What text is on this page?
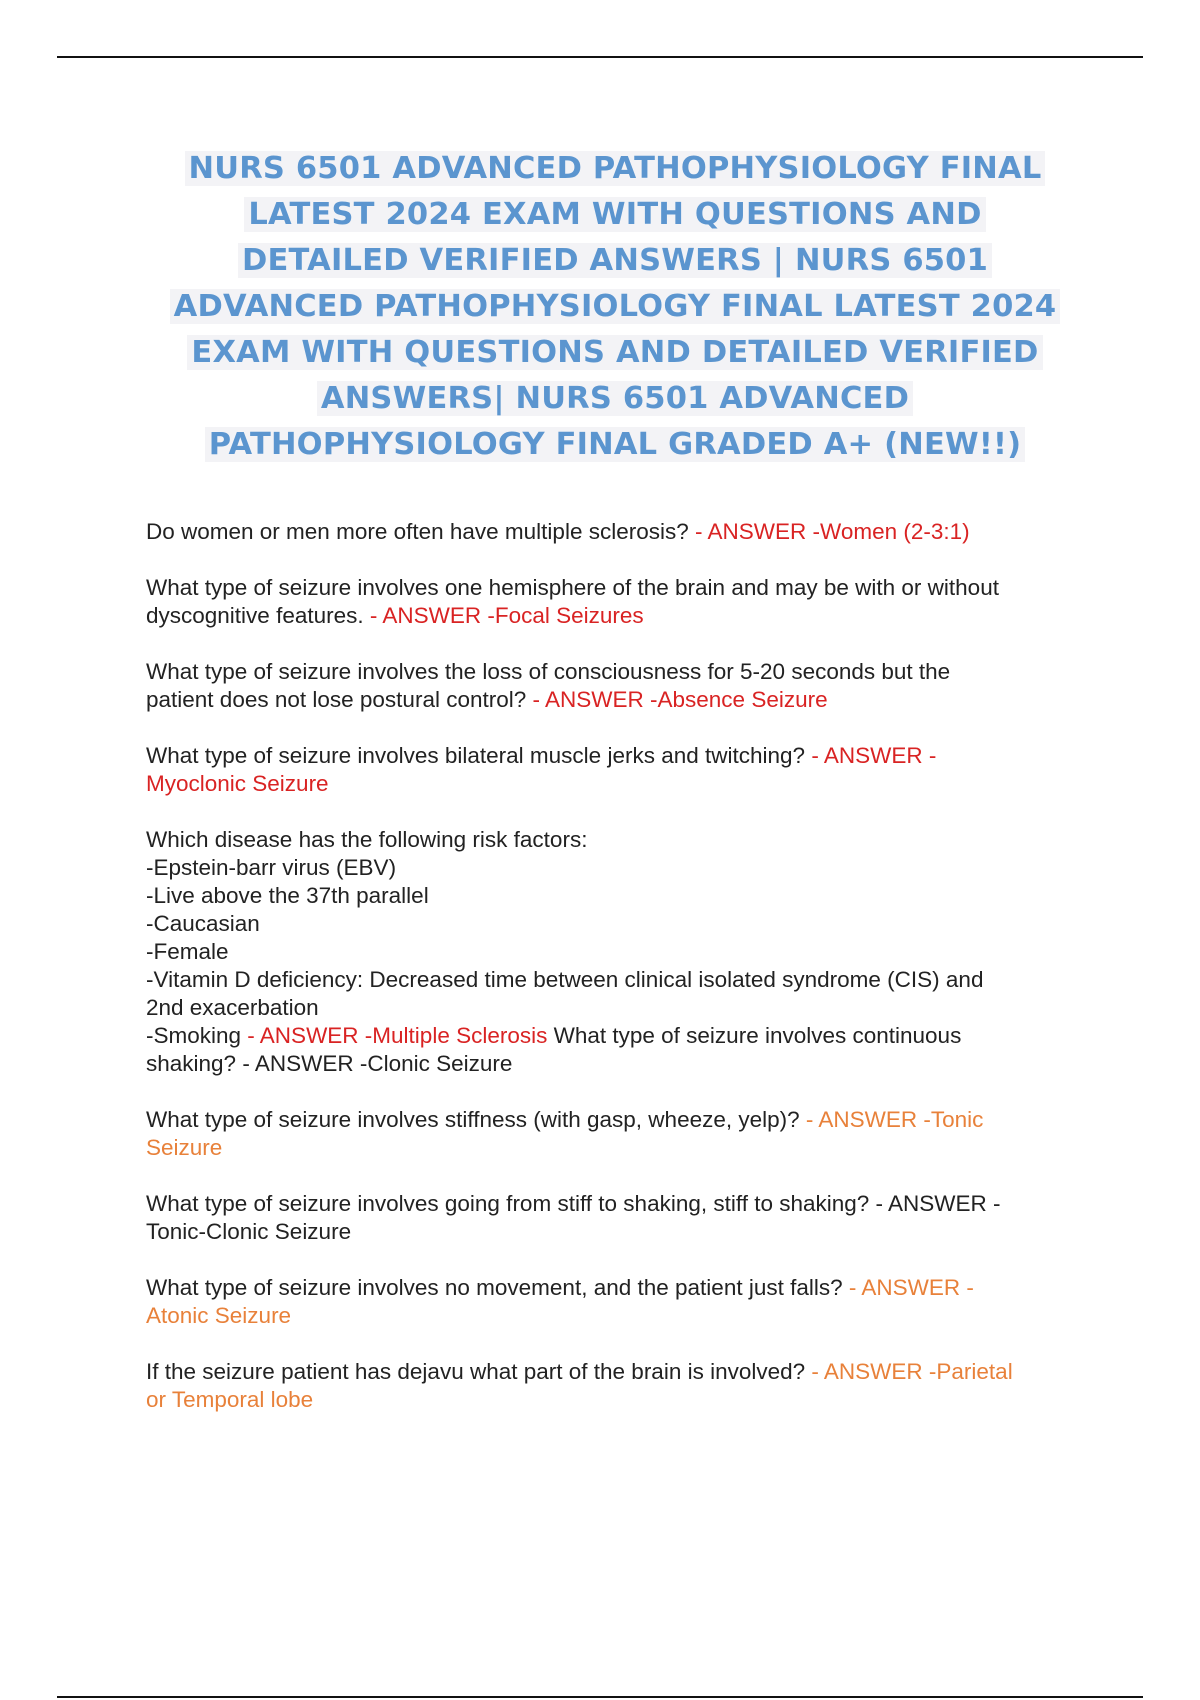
NURS 6501 ADVANCED PATHOPHYSIOLOGY FINAL
LATEST 2024 EXAM WITH QUESTIONS AND
DETAILED VERIFIED ANSWERS | NURS 6501
ADVANCED PATHOPHYSIOLOGY FINAL LATEST 2024
EXAM WITH QUESTIONS AND DETAILED VERIFIED
ANSWERS| NURS 6501 ADVANCED
PATHOPHYSIOLOGY FINAL GRADED A+ (NEW!!)
Do women or men more often have multiple sclerosis? - ANSWER -Women (2-3:1)
What type of seizure involves one hemisphere of the brain and may be with or without
dyscognitive features. - ANSWER -Focal Seizures
What type of seizure involves the loss of consciousness for 5-20 seconds but the
patient does not lose postural control? - ANSWER -Absence Seizure
What type of seizure involves bilateral muscle jerks and twitching? - ANSWER -
Myoclonic Seizure
Which disease has the following risk factors:
-Epstein-barr virus (EBV)
-Live above the 37th parallel
-Caucasian
-Female
-Vitamin D deficiency: Decreased time between clinical isolated syndrome (CIS) and
2nd exacerbation
-Smoking - ANSWER -Multiple Sclerosis What type of seizure involves continuous
shaking? - ANSWER -Clonic Seizure
What type of seizure involves stiffness (with gasp, wheeze, yelp)? - ANSWER -Tonic
Seizure
What type of seizure involves going from stiff to shaking, stiff to shaking? - ANSWER -
Tonic-Clonic Seizure
What type of seizure involves no movement, and the patient just falls? - ANSWER -
Atonic Seizure
If the seizure patient has dejavu what part of the brain is involved? - ANSWER -Parietal
or Temporal lobe
